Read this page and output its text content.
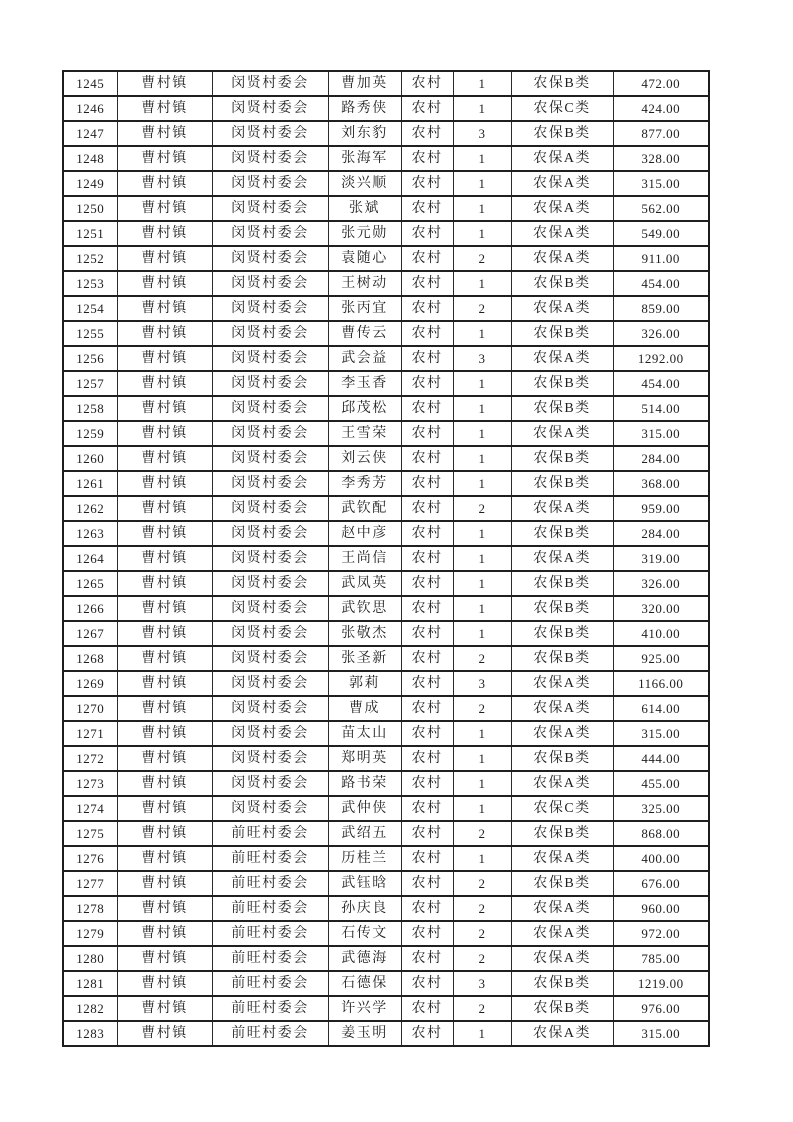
1245	曹村镇	闵贤村委会	曹加英	农村	1	农保B类	472.00
1246	曹村镇	闵贤村委会	路秀侠	农村	1	农保C类	424.00
1247	曹村镇	闵贤村委会	刘东豹	农村	3	农保B类	877.00
1248	曹村镇	闵贤村委会	张海军	农村	1	农保A类	328.00
1249	曹村镇	闵贤村委会	淡兴顺	农村	1	农保A类	315.00
1250	曹村镇	闵贤村委会	张斌	农村	1	农保A类	562.00
1251	曹村镇	闵贤村委会	张元勋	农村	1	农保A类	549.00
1252	曹村镇	闵贤村委会	袁随心	农村	2	农保A类	911.00
1253	曹村镇	闵贤村委会	王树动	农村	1	农保B类	454.00
1254	曹村镇	闵贤村委会	张丙宜	农村	2	农保A类	859.00
1255	曹村镇	闵贤村委会	曹传云	农村	1	农保B类	326.00
1256	曹村镇	闵贤村委会	武会益	农村	3	农保A类	1292.00
1257	曹村镇	闵贤村委会	李玉香	农村	1	农保B类	454.00
1258	曹村镇	闵贤村委会	邱茂松	农村	1	农保B类	514.00
1259	曹村镇	闵贤村委会	王雪荣	农村	1	农保A类	315.00
1260	曹村镇	闵贤村委会	刘云侠	农村	1	农保B类	284.00
1261	曹村镇	闵贤村委会	李秀芳	农村	1	农保B类	368.00
1262	曹村镇	闵贤村委会	武钦配	农村	2	农保A类	959.00
1263	曹村镇	闵贤村委会	赵中彦	农村	1	农保B类	284.00
1264	曹村镇	闵贤村委会	王尚信	农村	1	农保A类	319.00
1265	曹村镇	闵贤村委会	武凤英	农村	1	农保B类	326.00
1266	曹村镇	闵贤村委会	武钦思	农村	1	农保B类	320.00
1267	曹村镇	闵贤村委会	张敬杰	农村	1	农保B类	410.00
1268	曹村镇	闵贤村委会	张圣新	农村	2	农保B类	925.00
1269	曹村镇	闵贤村委会	郭莉	农村	3	农保A类	1166.00
1270	曹村镇	闵贤村委会	曹成	农村	2	农保A类	614.00
1271	曹村镇	闵贤村委会	苗太山	农村	1	农保A类	315.00
1272	曹村镇	闵贤村委会	郑明英	农村	1	农保B类	444.00
1273	曹村镇	闵贤村委会	路书荣	农村	1	农保A类	455.00
1274	曹村镇	闵贤村委会	武仲侠	农村	1	农保C类	325.00
1275	曹村镇	前旺村委会	武绍五	农村	2	农保B类	868.00
1276	曹村镇	前旺村委会	历桂兰	农村	1	农保A类	400.00
1277	曹村镇	前旺村委会	武钰晗	农村	2	农保B类	676.00
1278	曹村镇	前旺村委会	孙庆良	农村	2	农保A类	960.00
1279	曹村镇	前旺村委会	石传文	农村	2	农保A类	972.00
1280	曹村镇	前旺村委会	武德海	农村	2	农保A类	785.00
1281	曹村镇	前旺村委会	石德保	农村	3	农保B类	1219.00
1282	曹村镇	前旺村委会	许兴学	农村	2	农保B类	976.00
1283	曹村镇	前旺村委会	姜玉明	农村	1	农保A类	315.00
